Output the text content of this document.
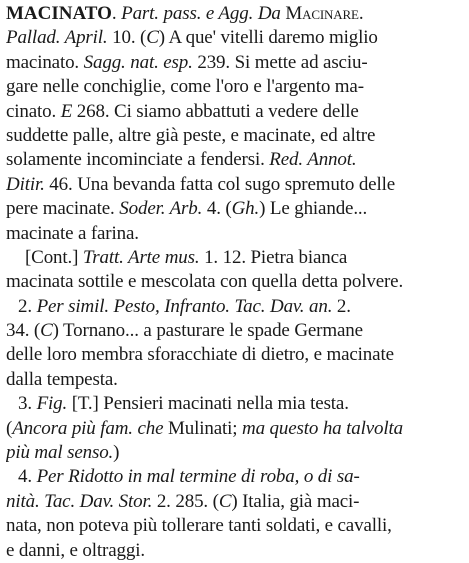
MACINATO. Part. pass. e Agg. Da Macinare.
Pallad. April. 10. (C) A que' vitelli daremo miglio
macinato. Sagg. nat. esp. 239. Si mette ad asciu-
gare nelle conchiglie, come l'oro e l'argento ma-
cinato. E 268. Ci siamo abbattuti a vedere delle
suddette palle, altre già peste, e macinate, ed altre
solamente incominciate a fendersi. Red. Annot.
Ditir. 46. Una bevanda fatta col sugo spremuto delle
pere macinate. Soder. Arb. 4. (Gh.) Le ghiande...
macinate a farina.
[Cont.] Tratt. Arte mus. 1. 12. Pietra bianca
macinata sottile e mescolata con quella detta polvere.
2. Per simil. Pesto, Infranto. Tac. Dav. an. 2.
34. (C) Tornano... a pasturare le spade Germane
delle loro membra sforacchiate di dietro, e macinate
dalla tempesta.
3. Fig. [T.] Pensieri macinati nella mia testa.
(Ancora più fam. che Mulinati; ma questo ha talvolta
più mal senso.)
4. Per Ridotto in mal termine di roba, o di sa-
nità. Tac. Dav. Stor. 2. 285. (C) Italia, già maci-
nata, non poteva più tollerare tanti soldati, e cavalli,
e danni, e oltraggi.
